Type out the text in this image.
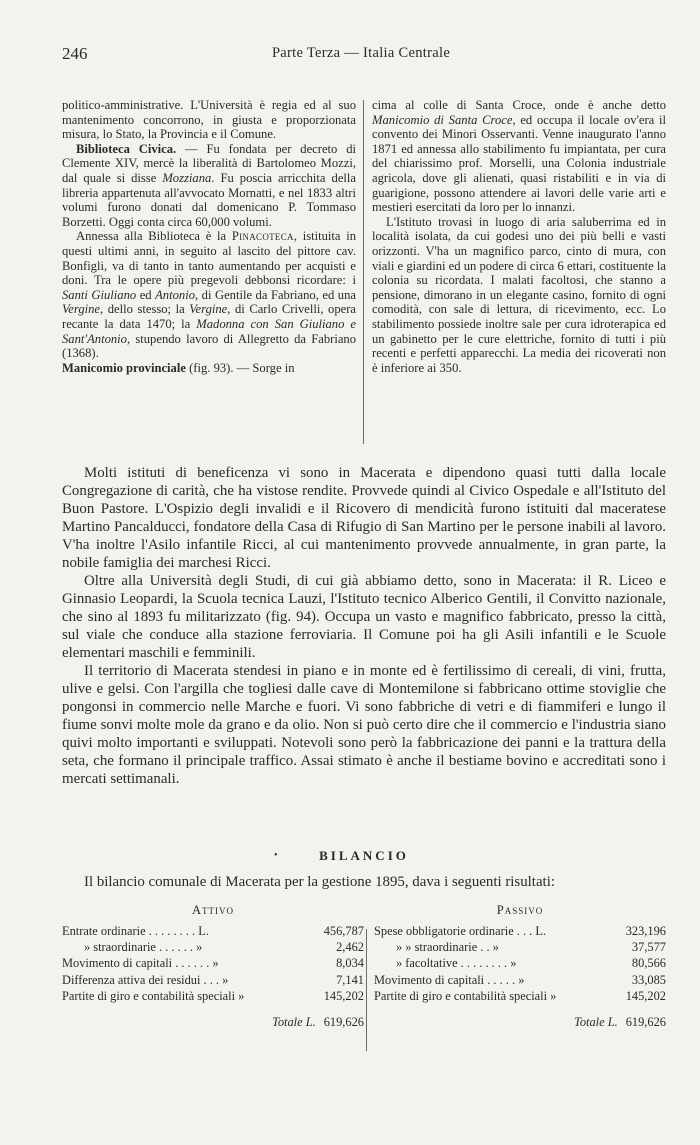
246	Parte Terza — Italia Centrale

politico-amministrative. L'Università è regia ed al suo mantenimento concorrono, in giusta e proporzionata misura, lo Stato, la Provincia e il Comune.

Biblioteca Civica. — Fu fondata per decreto di Clemente XIV, mercè la liberalità di Bartolomeo Mozzi, dal quale si disse Mozziana. Fu poscia arricchita della libreria appartenuta all'avvocato Mornatti, e nel 1833 altri volumi furono donati dal domenicano P. Tommaso Borzetti. Oggi conta circa 60,000 volumi.

Annessa alla Biblioteca è la Pinacoteca, istituita in questi ultimi anni, in seguito al lascito del pittore cav. Bonfigli, va di tanto in tanto aumentando per acquisti e doni. Tra le opere più pregevoli debbonsi ricordare: i Santi Giuliano ed Antonio, di Gentile da Fabriano, ed una Vergine, dello stesso; la Vergine, di Carlo Crivelli, opera recante la data 1470; la Madonna con San Giuliano e Sant'Antonio, stupendo lavoro di Allegretto da Fabriano (1368).

Manicomio provinciale (fig. 93). — Sorge in

cima al colle di Santa Croce, onde è anche detto Manicomio di Santa Croce, ed occupa il locale ov'era il convento dei Minori Osservanti. Venne inaugurato l'anno 1871 ed annessa allo stabilimento fu impiantata, per cura del chiarissimo prof. Morselli, una Colonia industriale agricola, dove gli alienati, quasi ristabiliti e in via di guarigione, possono attendere ai lavori delle varie arti e mestieri esercitati da loro per lo innanzi.

L'Istituto trovasi in luogo di aria saluberrima ed in località isolata, da cui godesi uno dei più belli e vasti orizzonti. V'ha un magnifico parco, cinto di mura, con viali e giardini ed un podere di circa 6 ettari, costituente la colonia su ricordata. I malati facoltosi, che stanno a pensione, dimorano in un elegante casino, fornito di ogni comodità, con sale di lettura, di ricevimento, ecc. Lo stabilimento possiede inoltre sale per cura idroterapica ed un gabinetto per le cure elettriche, fornito di tutti i più recenti e perfetti apparecchi. La media dei ricoverati non è inferiore ai 350.

Molti istituti di beneficenza vi sono in Macerata e dipendono quasi tutti dalla locale Congregazione di carità, che ha vistose rendite. Provvede quindi al Civico Ospedale e all'Istituto del Buon Pastore. L'Ospizio degli invalidi e il Ricovero di mendicità furono istituiti dal maceratese Martino Pancalducci, fondatore della Casa di Rifugio di San Martino per le persone inabili al lavoro. V'ha inoltre l'Asilo infantile Ricci, al cui mantenimento provvede annualmente, in gran parte, la nobile famiglia dei marchesi Ricci.

Oltre alla Università degli Studi, di cui già abbiamo detto, sono in Macerata: il R. Liceo e Ginnasio Leopardi, la Scuola tecnica Lauzi, l'Istituto tecnico Alberico Gentili, il Convitto nazionale, che sino al 1893 fu militarizzato (fig. 94). Occupa un vasto e magnifico fabbricato, presso la città, sul viale che conduce alla stazione ferroviaria. Il Comune poi ha gli Asili infantili e le Scuole elementari maschili e femminili.

Il territorio di Macerata stendesi in piano e in monte ed è fertilissimo di cereali, di vini, frutta, ulive e gelsi. Con l'argilla che togliesi dalle cave di Montemilone si fabbricano ottime stoviglie che pongonsi in commercio nelle Marche e fuori. Vi sono fabbriche di vetri e di fiammiferi e lungo il fiume sonvi molte mole da grano e da olio. Non si può certo dire che il commercio e l'industria siano quivi molto importanti e sviluppati. Notevoli sono però la fabbricazione dei panni e la trattura della seta, che formano il principale traffico. Assai stimato è anche il bestiame bovino e accreditati sono i mercati settimanali.

•	BILANCIO
Il bilancio comunale di Macerata per la gestione 1895, dava i seguenti risultati:
Attivo
Entrate ordinarie . . . . . . . . L.	456,787
» straordinarie . . . . . . »	2,462
Movimento di capitali . . . . . . »	8,034
Differenza attiva dei residui . . . »	7,141
Partite di giro e contabilità speciali »	145,202
Totale L. 619,626
Passivo
Spese obbligatorie ordinarie . . . L.	323,196
» » straordinarie . . »	37,577
» facoltative . . . . . . . . »	80,566
Movimento di capitali . . . . . »	33,085
Partite di giro e contabilità speciali »	145,202
Totale L. 619,626
